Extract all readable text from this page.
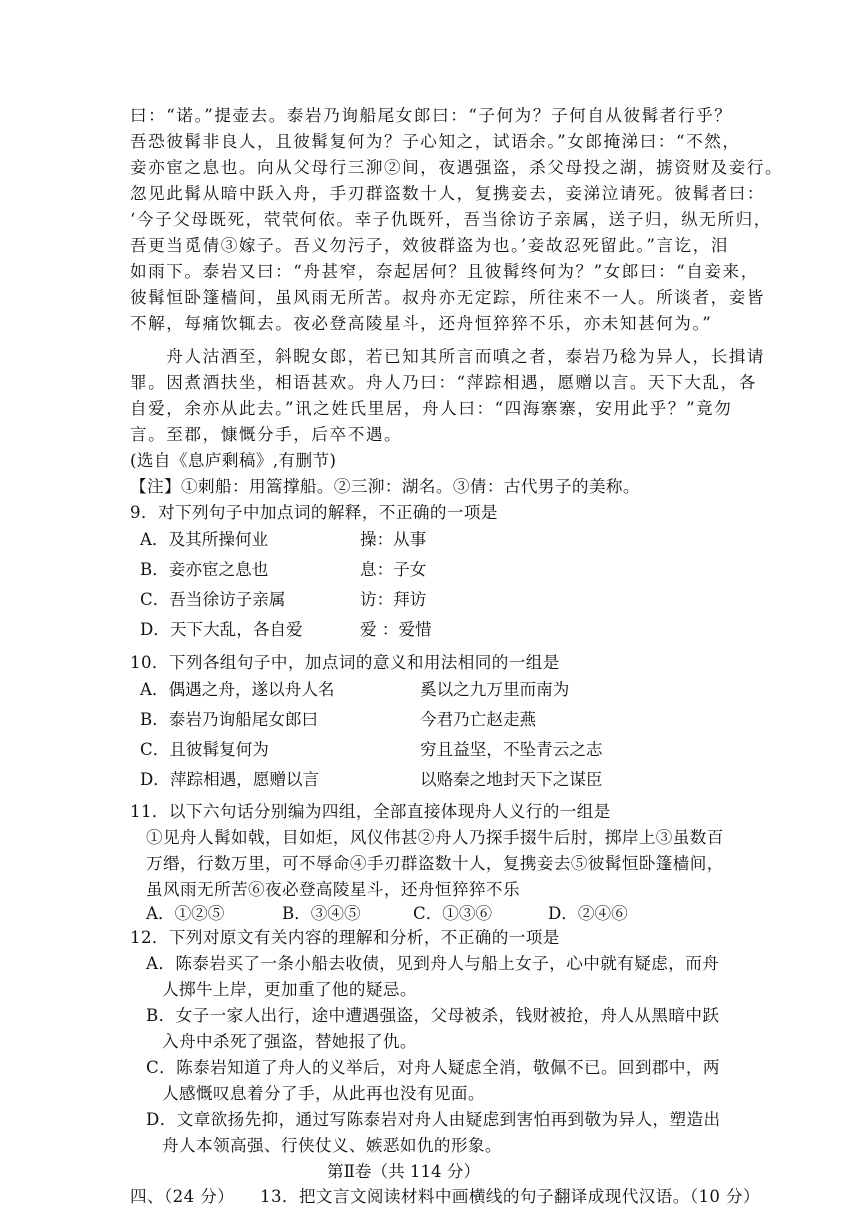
曰：“诺。”提壶去。泰岩乃询船尾女郎曰：“子何为？子何自从彼髯者行乎？
吾恐彼髯非良人，且彼髯复何为？子心知之，试语余。”女郎掩涕曰：“不然，
妾亦宦之息也。向从父母行三泖②间，夜遇强盗，杀父母投之湖，掳资财及妾行。
忽见此髯从暗中跃入舟，手刃群盗数十人，复携妾去，妾涕泣请死。彼髯者曰：
‘今子父母既死，茕茕何依。幸子仇既歼，吾当徐访子亲属，送子归，纵无所归，
吾更当觅倩③嫁子。吾义勿污子，效彼群盗为也。’妾故忍死留此。”言讫，泪
如雨下。泰岩又曰：“舟甚窄，奈起居何？且彼髯终何为？”女郎曰：“自妾来，
彼髯恒卧篷樯间，虽风雨无所苦。叔舟亦无定踪，所往来不一人。所谈者，妾皆
不解，每痛饮辄去。夜必登高陵星斗，还舟恒猝猝不乐，亦未知甚何为。”
　　舟人沽酒至，斜睨女郎，若已知其所言而嗔之者，泰岩乃稔为异人，长揖请
罪。因煮酒扶坐，相语甚欢。舟人乃曰：“萍踪相遇，愿赠以言。天下大乱，各
自爱，余亦从此去。”讯之姓氏里居，舟人曰：“四海寨寨，安用此乎？”竟勿
言。至郡，慷慨分手，后卒不遇。
(选自《息庐剩稿》,有删节)
【注】①刺船：用篙撑船。②三泖：湖名。③倩：古代男子的美称。
9．对下列句子中加点词的解释，不正确的一项是
A．及其所操何业	操：从事
B．妾亦宦之息也	息：子女
C．吾当徐访子亲属	访：拜访
D．天下大乱，各自爱	爱 ：爱惜
10．下列各组句子中，加点词的意义和用法相同的一组是
A．偶遇之舟，遂以舟人名	奚以之九万里而南为
B．泰岩乃询船尾女郎曰	今君乃亡赵走燕
C．且彼髯复何为	穷且益坚，不坠青云之志
D．萍踪相遇，愿赠以言	以赂秦之地封天下之谋臣
11．以下六句话分别编为四组，全部直接体现舟人义行的一组是
①见舟人髯如戟，目如炬，风仪伟甚②舟人乃探手掇牛后肘，掷岸上③虽数百
万缗，行数万里，可不辱命④手刃群盗数十人，复携妾去⑤彼髯恒卧篷樯间，
虽风雨无所苦⑥夜必登高陵星斗，还舟恒猝猝不乐
A．①②⑤	B．③④⑤	C．①③⑥	D．②④⑥
12．下列对原文有关内容的理解和分析，不正确的一项是
A．陈泰岩买了一条小船去收债，见到舟人与船上女子，心中就有疑虑，而舟
人掷牛上岸，更加重了他的疑忌。
B．女子一家人出行，途中遭遇强盗，父母被杀，钱财被抢，舟人从黑暗中跃
入舟中杀死了强盗，替她报了仇。
C．陈泰岩知道了舟人的义举后，对舟人疑虑全消，敬佩不已。回到郡中，两
人感慨叹息着分了手，从此再也没有见面。
D．文章欲扬先抑，通过写陈泰岩对舟人由疑虑到害怕再到敬为异人，塑造出
舟人本领高强、行侠仗义、嫉恶如仇的形象。
第Ⅱ卷（共 114 分）
四、（24 分） 13．把文言文阅读材料中画横线的句子翻译成现代汉语。（10 分）
